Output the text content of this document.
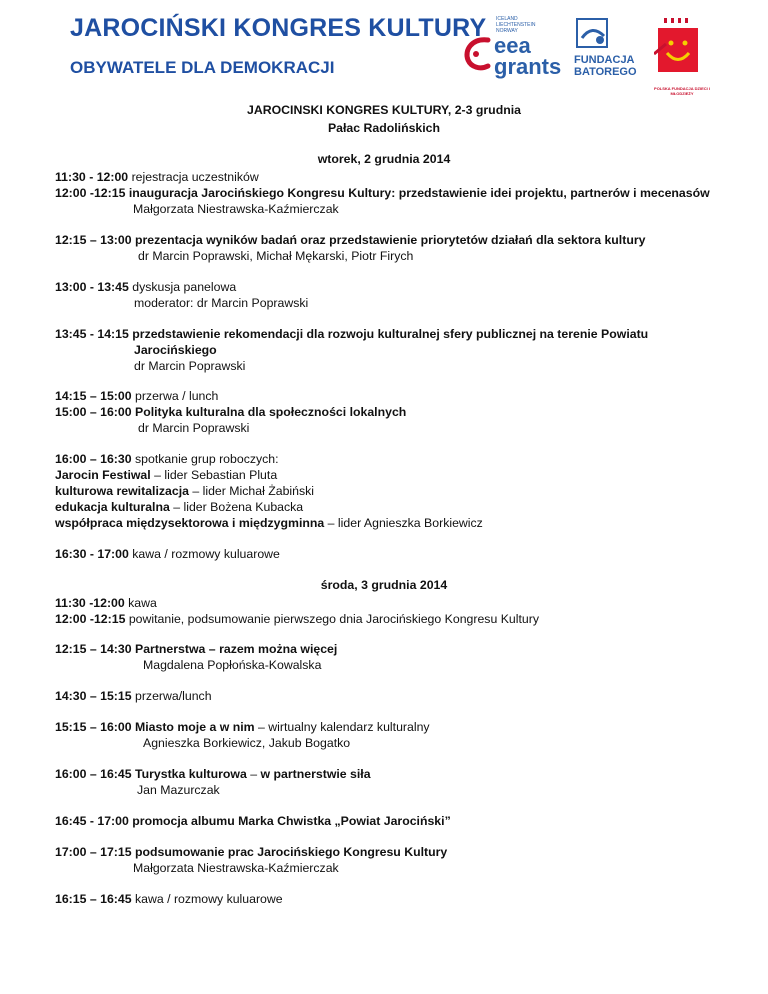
JAROCIŃSKI KONGRES KULTURY
OBYWATELE DLA DEMOKRACJI
ICELAND
LIECHTENSTEIN
NORWAY
eea
grants FUNDACJA
BATOREGO
POLSKA FUNDACJA DZIECI I MŁODZIEŻY
JAROCINSKI KONGRES KULTURY, 2-3 grudnia
Pałac Radolińskich
wtorek, 2 grudnia 2014
11:30 - 12:00 rejestracja uczestników
12:00 -12:15 inauguracja Jarocińskiego Kongresu Kultury: przedstawienie idei projektu, partnerów i mecenasów
Małgorzata Niestrawska-Kaźmierczak
12:15 – 13:00 prezentacja wyników badań oraz przedstawienie priorytetów działań dla sektora kultury
dr Marcin Poprawski, Michał Mękarski, Piotr Firych
13:00 - 13:45 dyskusja panelowa
moderator: dr Marcin Poprawski
13:45 - 14:15 przedstawienie rekomendacji dla rozwoju kulturalnej sfery publicznej na terenie Powiatu
Jarocińskiego
dr Marcin Poprawski
14:15 – 15:00 przerwa / lunch
15:00 – 16:00 Polityka kulturalna dla społeczności lokalnych
dr Marcin Poprawski
16:00 – 16:30 spotkanie grup roboczych:
Jarocin Festiwal – lider Sebastian Pluta
kulturowa rewitalizacja – lider Michał Żabiński
edukacja kulturalna – lider Bożena Kubacka
współpraca międzysektorowa i międzygminna – lider Agnieszka Borkiewicz
16:30 - 17:00 kawa / rozmowy kuluarowe
środa, 3 grudnia 2014
11:30 -12:00 kawa
12:00 -12:15 powitanie, podsumowanie pierwszego dnia Jarocińskiego Kongresu Kultury
12:15 – 14:30 Partnerstwa – razem można więcej
Magdalena Popłońska-Kowalska
14:30 – 15:15 przerwa/lunch
15:15 – 16:00 Miasto moje a w nim – wirtualny kalendarz kulturalny
Agnieszka Borkiewicz, Jakub Bogatko
16:00 – 16:45 Turystka kulturowa – w partnerstwie siła
Jan Mazurczak
16:45 - 17:00 promocja albumu Marka Chwistka „Powiat Jarociński”
17:00 – 17:15 podsumowanie prac Jarocińskiego Kongresu Kultury
Małgorzata Niestrawska-Kaźmierczak
16:15 – 16:45 kawa / rozmowy kuluarowe
